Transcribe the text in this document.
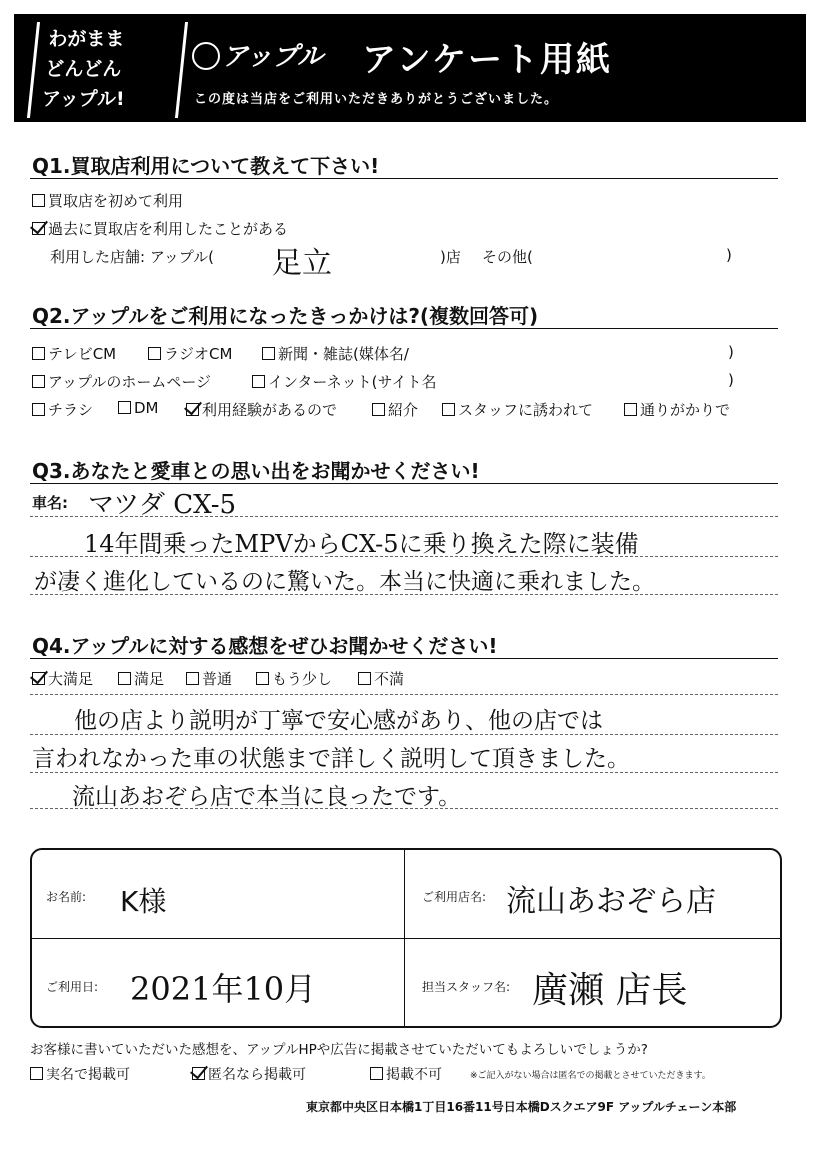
わがまま
どんどん
アップル!
アップル アンケート用紙
この度は当店をご利用いただきありがとうございました。
Q1.買取店利用について教えて下さい!
買取店を初めて利用
過去に買取店を利用したことがある
利用した店舗: アップル( 足立	)店 その他(	)
Q2.アップルをご利用になったきっかけは?(複数回答可)
テレビCM	ラジオCM	新聞・雑誌(媒体名/	)
アップルのホームページ	インターネット(サイト名	)
チラシ	DM	利用経験があるので	紹介	スタッフに誘われて	通りがかりで
Q3.あなたと愛車との思い出をお聞かせください!
車名: マツダ CX-5
14年間乗ったMPVからCX-5に乗り換えた際に装備
が凄く進化しているのに驚いた。本当に快適に乗れました。
Q4.アップルに対する感想をぜひお聞かせください!
大満足	満足	普通	もう少し	不満
他の店より説明が丁寧で安心感があり、他の店では
言われなかった車の状態まで詳しく説明して頂きました。
流山あおぞら店で本当に良ったです。
お名前: K様	ご利用店名: 流山あおぞら店
ご利用日: 2021年10月	担当スタッフ名: 廣瀬 店長
お客様に書いていただいた感想を、アップルHPや広告に掲載させていただいてもよろしいでしょうか?
実名で掲載可	匿名なら掲載可	掲載不可	※ご記入がない場合は匿名での掲載とさせていただきます。
東京都中央区日本橋1丁目16番11号日本橋Dスクエア9F アップルチェーン本部
